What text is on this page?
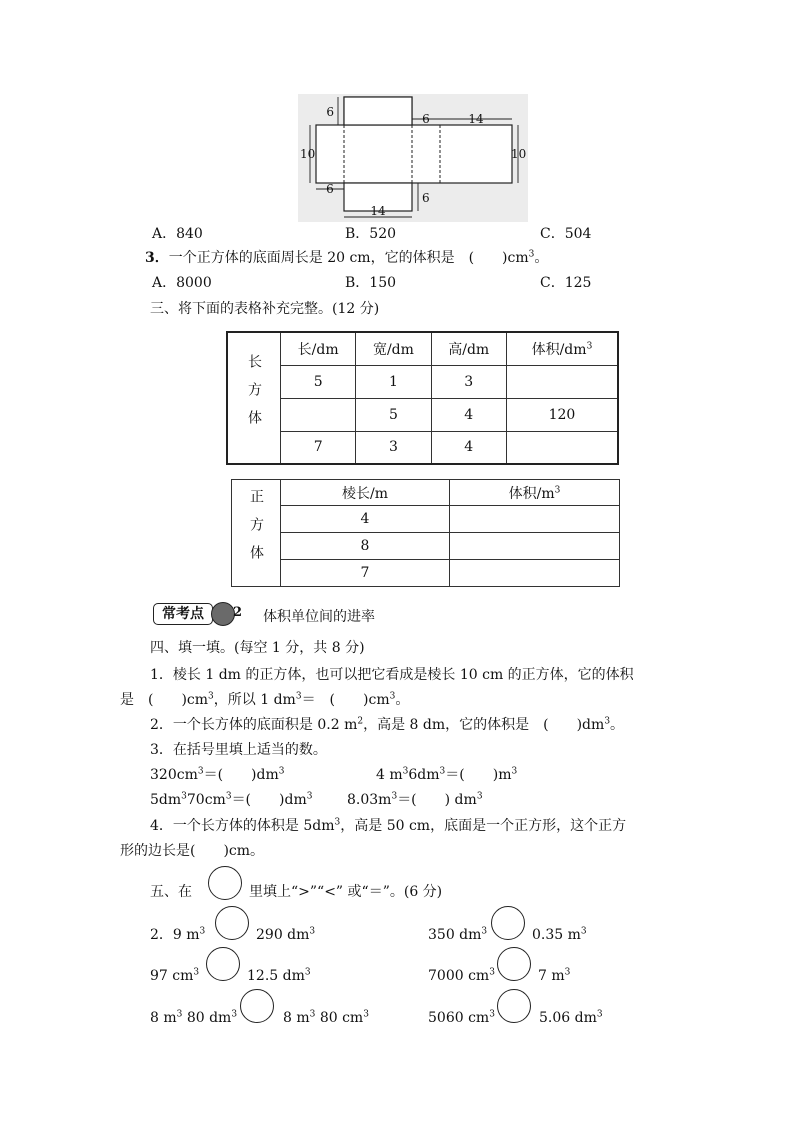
6	6	14
10	10
6
6
14
A．840	B．520	C．504
3．一个正方体的底面周长是 20 cm，它的体积是　(　　)$cm^3$。
A．8000	B．150	C．125
三、将下面的表格补充完整。(12 分)
长方体	长/dm	宽/dm	高/dm	体积$/dm^3$
	5	1	3	
		5	4	120
	7	3	4	
正方体	棱长/m	体积$/m^3$
	4	
	8	
	7	
常考点	2 体积单位间的进率
四、填一填。(每空 1 分，共 8 分)
1．棱长 1 dm 的正方体，也可以把它看成是棱长 10 cm 的正方体，它的体积
是　(　　)$cm^3$，所以 1 $dm^3=$　(　　)$cm^3$。
2．一个长方体的底面积是 0.2 $m^2$，高是 8 dm，它的体积是　(　　)$dm^3$。
3．在括号里填上适当的数。
$320cm^3=$(　　)$dm^3$	4 $m^36dm^3=$(　　)$m^3$
$5dm^370cm^3=$(　　)$dm^3$ $8.03m^3=$(　　) $dm^3$
4．一个长方体的体积是 $5dm^3$，高是 50 cm，底面是一个正方形，这个正方
形的边长是(　　)cm。
五、在	里填上“>”“<” 或“＝”。(6 分)
2．9 $m^3$	290 $dm^3$	350 $dm^3$	0.35 $m^3$
97 $cm^3$	12.5 $dm^3$	7000 $cm^3$	7 $m^3$
8 $m^3$ 80 $dm^3$	8 $m^3$ 80 $cm^3$	5060 $cm^3$	5.06 $dm^3$
